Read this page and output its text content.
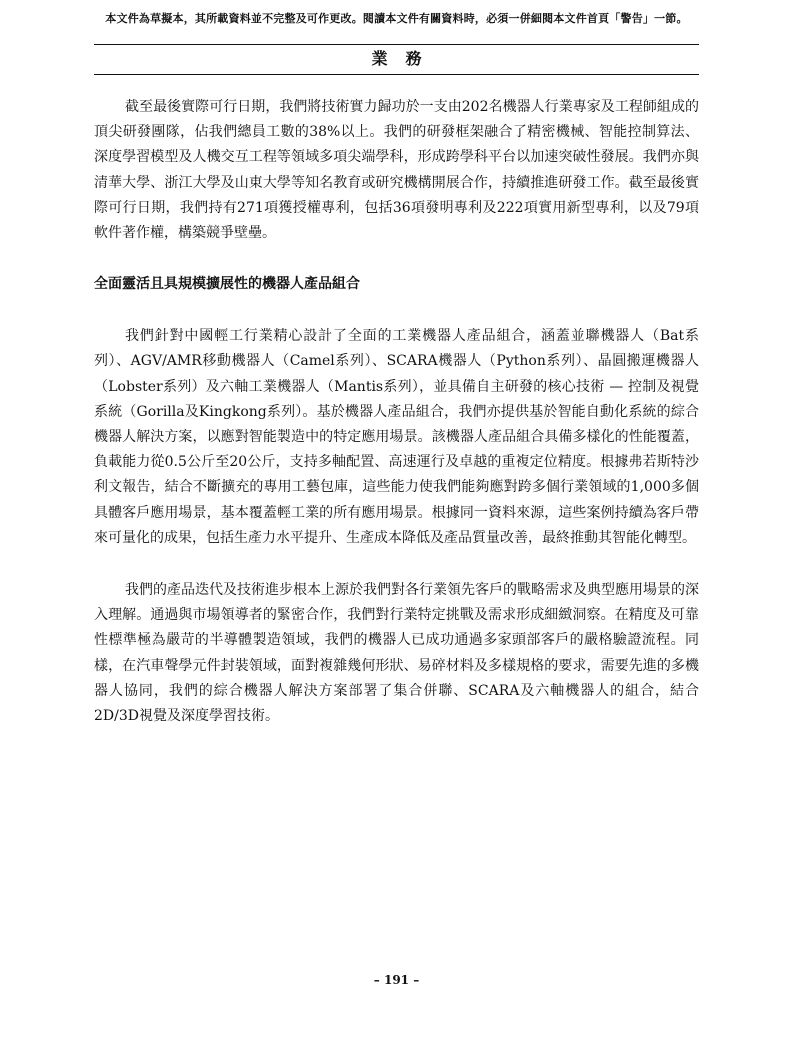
本文件為草擬本，其所載資料並不完整及可作更改。閱讀本文件有關資料時，必須一併細閱本文件首頁「警告」一節。
業務

截至最後實際可行日期，我們將技術實力歸功於一支由202名機器人行業專家及工程師組成的頂尖研發團隊，佔我們總員工數的38%以上。我們的研發框架融合了精密機械、智能控制算法、深度學習模型及人機交互工程等領域多項尖端學科，形成跨學科平台以加速突破性發展。我們亦與清華大學、浙江大學及山東大學等知名教育或研究機構開展合作，持續推進研發工作。截至最後實際可行日期，我們持有271項獲授權專利，包括36項發明專利及222項實用新型專利，以及79項軟件著作權，構築競爭壁壘。

全面靈活且具規模擴展性的機器人產品組合

我們針對中國輕工行業精心設計了全面的工業機器人產品組合，涵蓋並聯機器人（Bat系列）、AGV/AMR移動機器人（Camel系列）、SCARA機器人（Python系列）、晶圓搬運機器人（Lobster系列）及六軸工業機器人（Mantis系列），並具備自主研發的核心技術 — 控制及視覺系統（Gorilla及Kingkong系列）。基於機器人產品組合，我們亦提供基於智能自動化系統的綜合機器人解決方案，以應對智能製造中的特定應用場景。該機器人產品組合具備多樣化的性能覆蓋，負載能力從0.5公斤至20公斤，支持多軸配置、高速運行及卓越的重複定位精度。根據弗若斯特沙利文報告，結合不斷擴充的專用工藝包庫，這些能力使我們能夠應對跨多個行業領域的1,000多個具體客戶應用場景，基本覆蓋輕工業的所有應用場景。根據同一資料來源，這些案例持續為客戶帶來可量化的成果，包括生產力水平提升、生產成本降低及產品質量改善，最終推動其智能化轉型。

我們的產品迭代及技術進步根本上源於我們對各行業領先客戶的戰略需求及典型應用場景的深入理解。通過與市場領導者的緊密合作，我們對行業特定挑戰及需求形成細緻洞察。在精度及可靠性標準極為嚴苛的半導體製造領域，我們的機器人已成功通過多家頭部客戶的嚴格驗證流程。同樣，在汽車聲學元件封裝領域，面對複雜幾何形狀、易碎材料及多樣規格的要求，需要先進的多機器人協同，我們的綜合機器人解決方案部署了集合併聯、SCARA及六軸機器人的組合，結合2D/3D視覺及深度學習技術。

– 191 –
